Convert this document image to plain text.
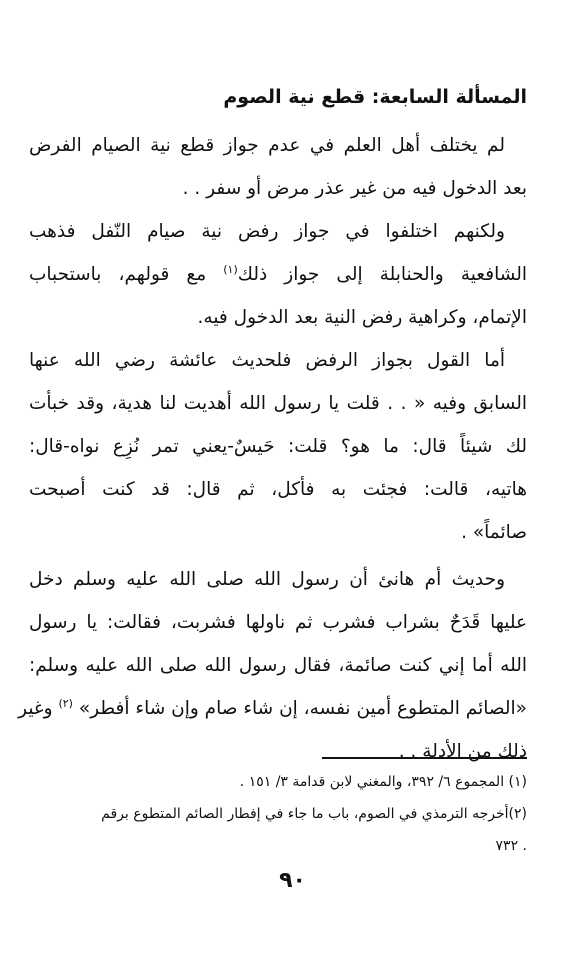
المسألة السابعة: قطع نية الصوم
لم يختلف أهل العلم في عدم جواز قطع نية الصيام الفرض
بعد الدخول فيه من غير عذر مرض أو سفر . .
ولكنهم اختلفوا في جواز رفض نية صيام النّفل فذهب
الشافعية والحنابلة إلى جواز ذلك$^{(١)}$ مع قولهم، باستحباب
الإتمام، وكراهية رفض النية بعد الدخول فيه.
أما القول بجواز الرفض فلحديث عائشة رضي الله عنها
السابق وفيه « . . قلت يا رسول الله أهديت لنا هدية، وقد خبأت
لك شيئاً قال: ما هو؟ قلت: حَيسٌ-يعني تمر نُزِع نواه-قال:
هاتيه، قالت: فجئت به فأكل، ثم قال: قد كنت أصبحت
صائماً» .
وحديث أم هانئ أن رسول الله صلى الله عليه وسلم دخل
عليها قَدَحٌ بشراب فشرب ثم ناولها فشربت، فقالت: يا رسول
الله أما إني كنت صائمة، فقال رسول الله صلى الله عليه وسلم:
«الصائم المتطوع أمين نفسه، إن شاء صام وإن شاء أفطر» $^{(٢)}$ وغير
ذلك من الأدلة . .
(١) المجموع ٦/ ٣٩٢، والمغني لابن قدامة ٣/ ١٥١ .
(٢)أخرجه الترمذي في الصوم، باب ما جاء في إفطار الصائم المتطوع برقم
. ٧٣٢
٩٠
